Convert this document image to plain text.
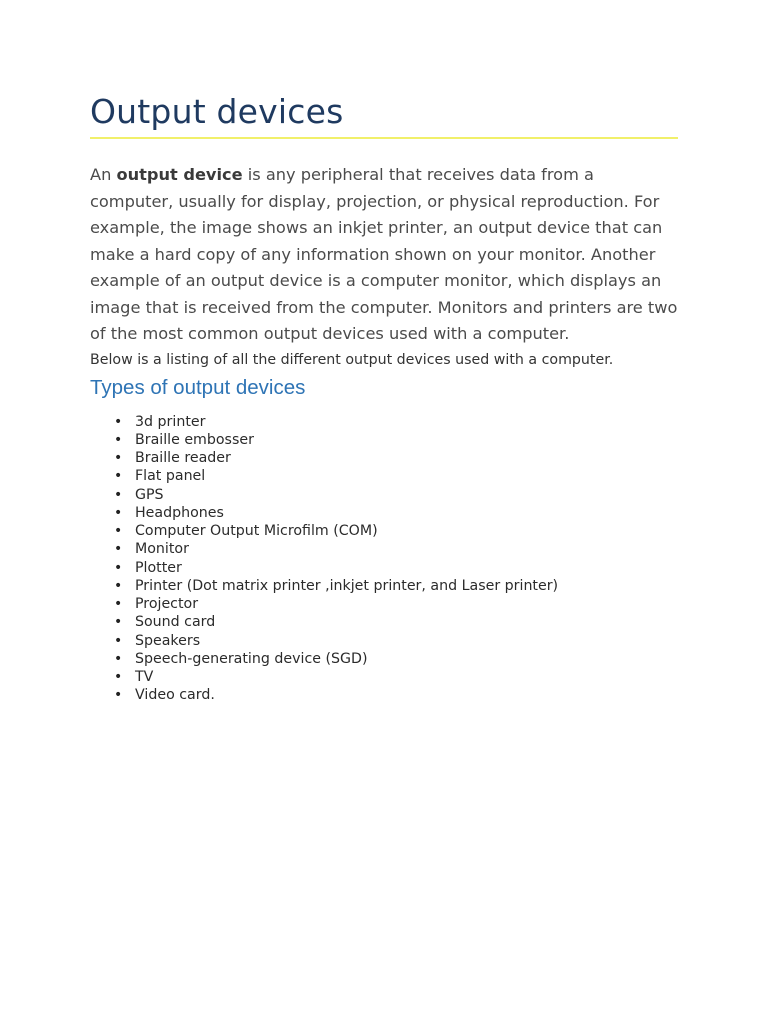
Output devices

An output device is any peripheral that receives data from a computer, usually for display, projection, or physical reproduction. For example, the image shows an inkjet printer, an output device that can make a hard copy of any information shown on your monitor. Another example of an output device is a computer monitor, which displays an image that is received from the computer. Monitors and printers are two of the most common output devices used with a computer.

Below is a listing of all the different output devices used with a computer.

Types of output devices
• 3d printer
• Braille embosser
• Braille reader
• Flat panel
• GPS
• Headphones
• Computer Output Microfilm (COM)
• Monitor
• Plotter
• Printer (Dot matrix printer ,inkjet printer, and Laser printer)
• Projector
• Sound card
• Speakers
• Speech-generating device (SGD)
• TV
• Video card.
